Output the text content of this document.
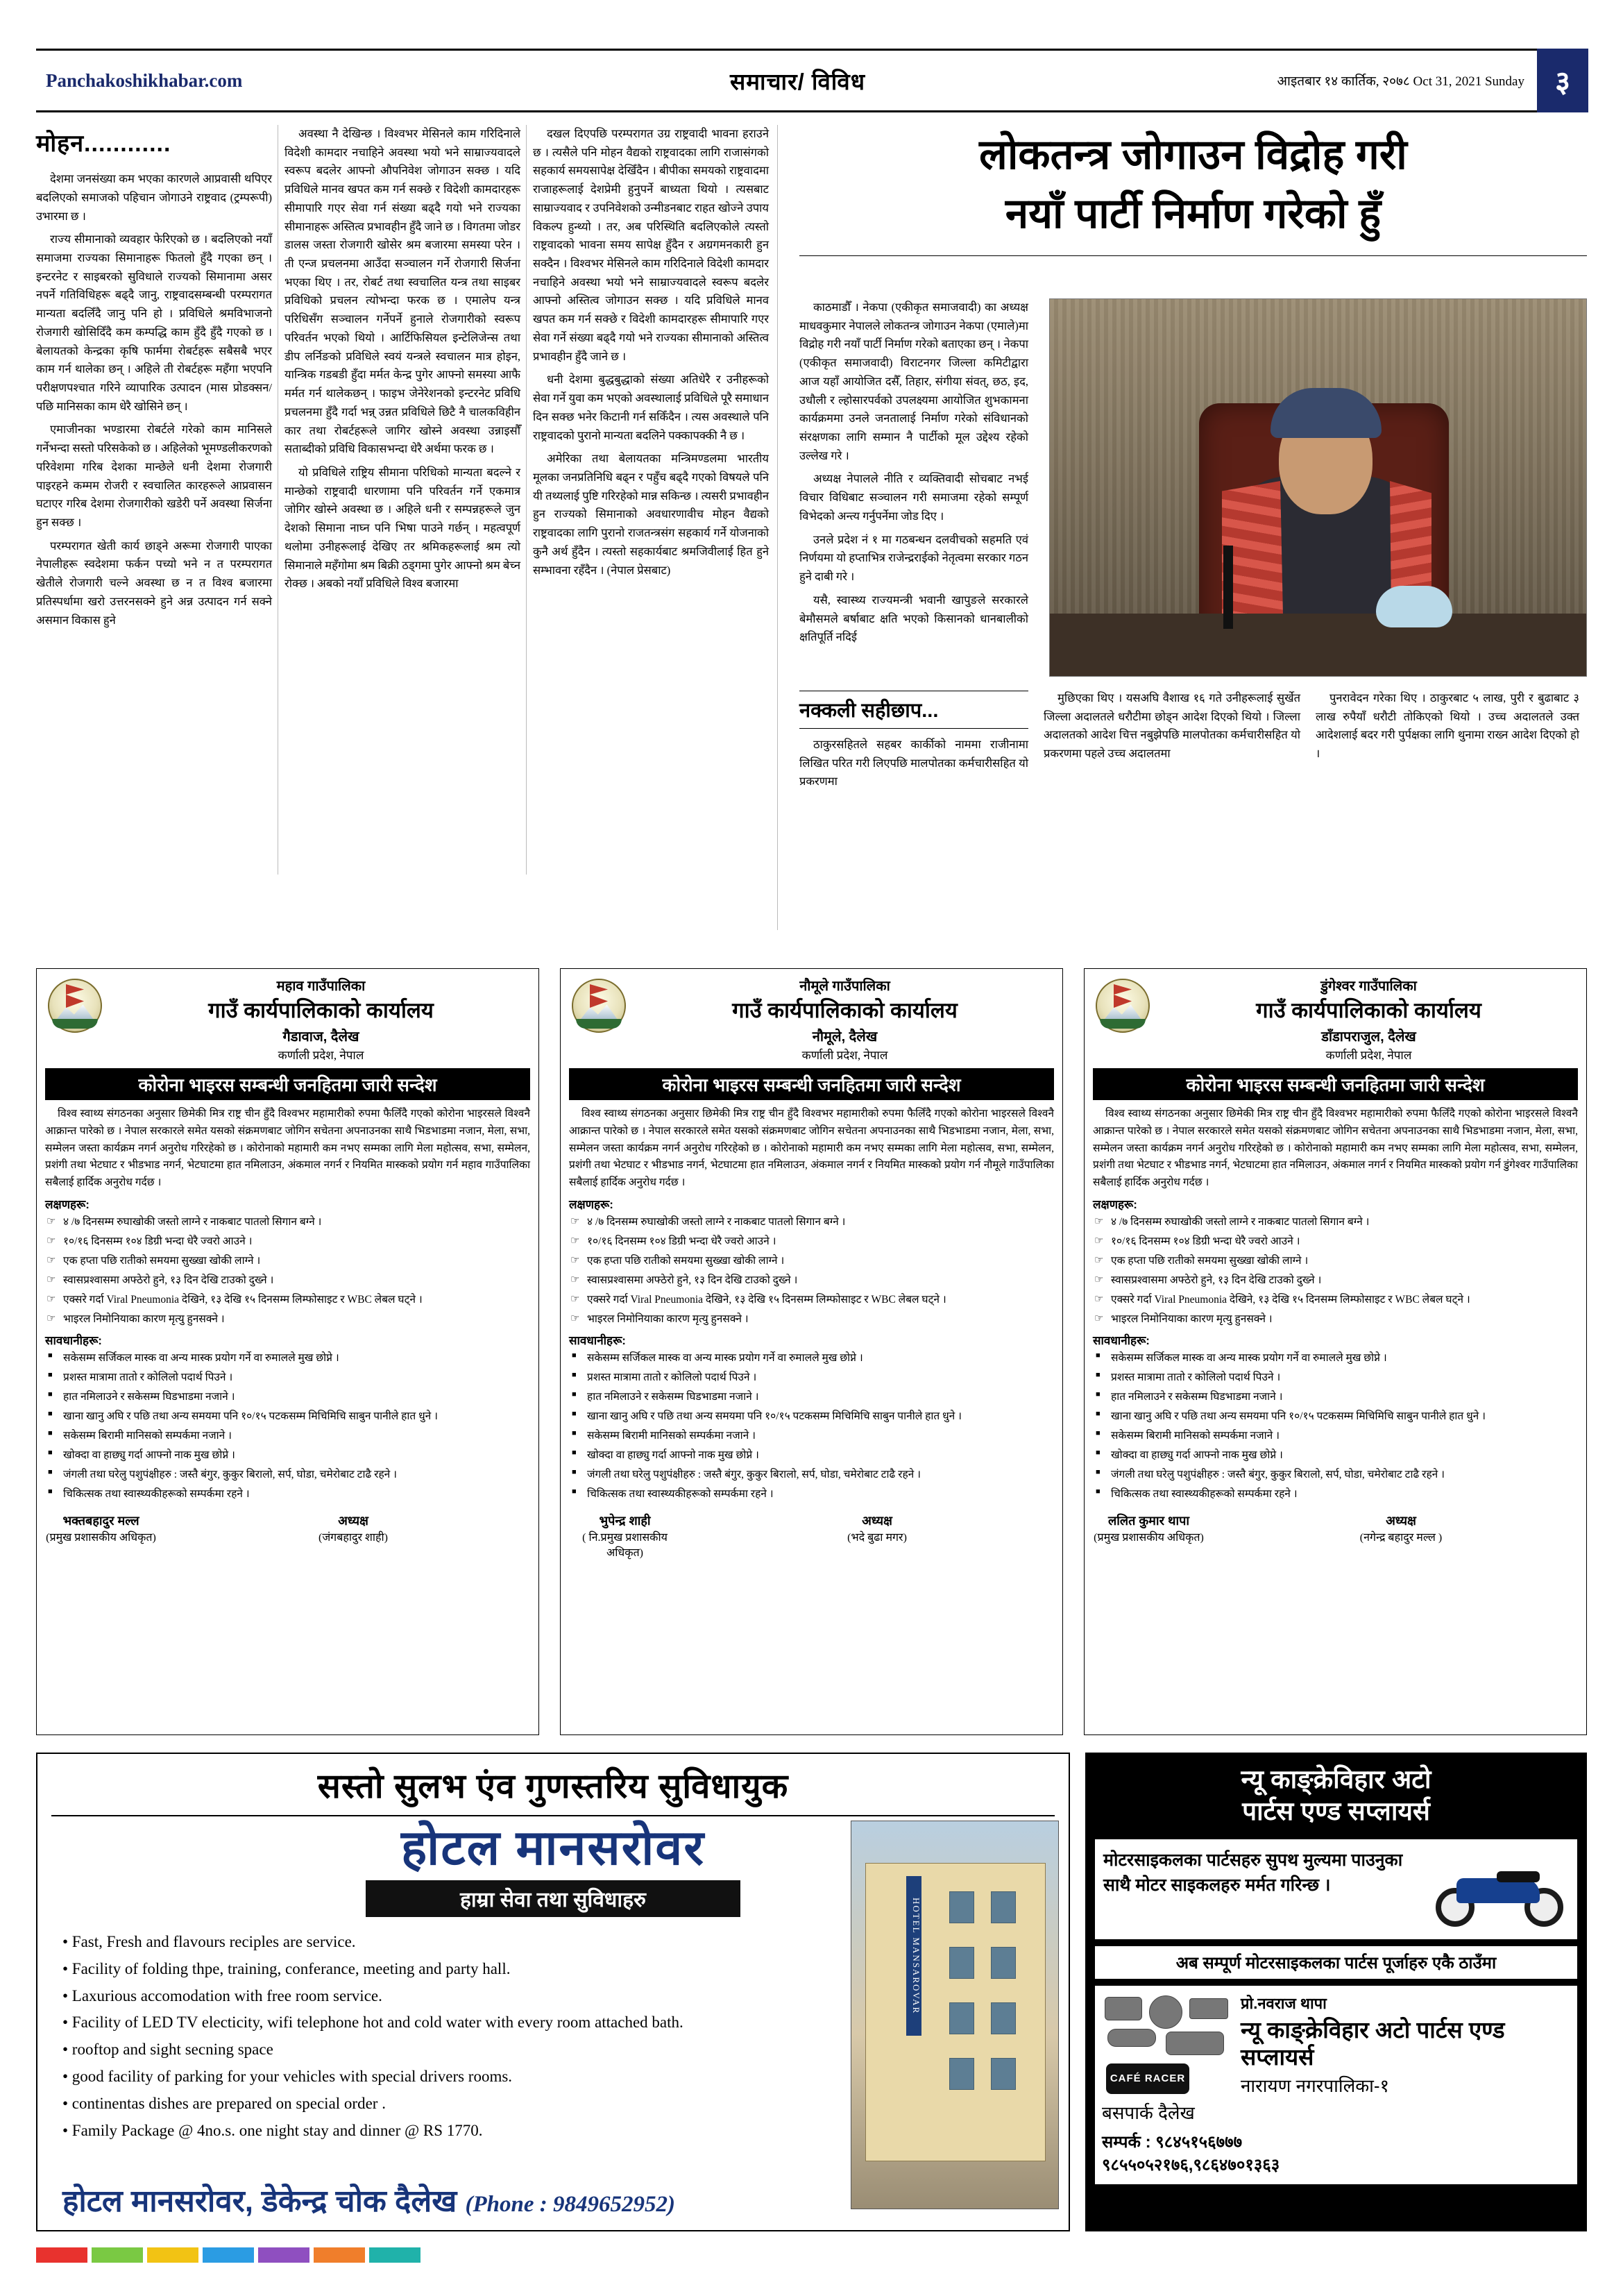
Panchakoshikhabar.com	समाचार/ विविध	आइतबार १४ कार्तिक, २०७८ Oct 31, 2021 Sunday	३
मोहन............

देशमा जनसंख्या कम भएका कारणले आप्रवासी थपिएर बदलिएको समाजको पहिचान जोगाउने राष्ट्रवाद (ट्रम्परूपी) उभारमा छ ।

राज्य सीमानाको व्यवहार फेरिएको छ । बदलिएको नयाँ समाजमा राज्यका सिमानाहरू फितलो हुँदै गएका छन् । इन्टरनेट र साइबरको सुविधाले राज्यको सिमानामा असर नपर्ने गतिविधिहरू बढ्दै जानु, राष्ट्रवादसम्बन्धी परम्परागत मान्यता बदलिँदै जानु पनि हो । प्रविधिले श्रमविभाजनो रोजगारी खोसिदिँदै कम कम्पद्धि काम हुँदै हुँदै गएको छ । बेलायतको केन्द्रका कृषि फार्ममा रोबर्टहरू सबैसबै भएर काम गर्न थालेका छन् । अहिले ती रोबर्टहरू महँगा भएपनि परीक्षणपश्चात गरिने व्यापारिक उत्पादन (मास प्रोडक्सन/पछि मानिसका काम धेरै खोसिने छन् ।

एमाजीनका भण्डारमा रोबर्टले गरेको काम मानिसले गर्नेभन्दा सस्तो परिसकेको छ । अहिलेको भूमण्डलीकरणको परिवेशमा गरिब देशका मान्छेले धनी देशमा रोजगारी पाइरहने कम्मम रोजरी र स्वचालित कारहरूले आप्रवासन घटाएर गरिब देशमा रोजगारीको खडेरी पर्ने अवस्था सिर्जना हुन सक्छ ।

परम्परागत खेती कार्य छाड्ने अरूमा रोजगारी पाएका नेपालीहरू स्वदेशमा फर्कन पच्यो भने न त परम्परागत खेतीले रोजगारी चल्ने अवस्था छ न त विश्व बजारमा प्रतिस्पर्धामा खरो उत्तरनसक्ने हुने अन्न उत्पादन गर्न सक्ने असमान विकास हुने

अवस्था नै देखिन्छ । विश्वभर मेसिनले काम गरिदिनाले विदेशी कामदार नचाहिने अवस्था भयो भने साम्राज्यवादले स्वरूप बदलेर आफ्नो औपनिवेश जोगाउन सक्छ । यदि प्रविधिले मानव खपत कम गर्न सक्छे र विदेशी कामदारहरू सीमापारि गएर सेवा गर्न संख्या बढ्दै गयो भने राज्यका सीमानाहरू अस्तित्व प्रभावहीन हुँदै जाने छ । विगतमा जोडर डालस जस्ता रोजगारी खोसेर श्रम बजारमा समस्या परेन । ती एन्ज प्रचलनमा आउँदा सञ्चालन गर्ने रोजगारी सिर्जना भएका थिए । तर, रोबर्ट तथा स्वचालित यन्त्र तथा साइबर प्रविधिको प्रचलन त्योभन्दा फरक छ । एमालेप यन्त्र परिधिसँग सञ्चालन गर्नेपर्ने हुनाले रोजगारीको स्वरूप परिवर्तन भएको थियो । आर्टिफिसियल इन्टेलिजेन्स तथा डीप लर्निङको प्रविधिले स्वयं यन्त्रले स्वचालन मात्र होइन, यान्त्रिक गडबडी हुँदा मर्मत केन्द्र पुगेर आफ्नो समस्या आफै मर्मत गर्न थालेकछन् । फाइभ जेनेरेशनको इन्टरनेट प्रविधि प्रचलनमा हुँदै गर्दा भन्न् उन्नत प्रविधिले छिटै नै चालकविहीन कार तथा रोबर्टहरूले जागिर खोस्ने अवस्था उन्नाइसौँ सताब्दीको प्रविधि विकासभन्दा धेरै अर्थमा फरक छ ।

यो प्रविधिले राष्ट्रिय सीमाना परिधिको मान्यता बदल्ने र मान्छेको राष्ट्रवादी धारणामा पनि परिवर्तन गर्ने एकमात्र जोगिर खोस्ने अवस्था छ । अहिले धनी र सम्पन्नहरूले जुन देशको सिमाना नाघ्न पनि भिषा पाउने गर्छन् । महत्वपूर्ण थलोमा उनीहरूलाई देखिए तर श्रमिकहरूलाई श्रम त्यो सिमानाले महँगोमा श्रम बिक्री ठड्गमा पुगेर आफ्नो श्रम बेच्न रोक्छ । अबको नयाँ प्रविधिले विश्व बजारमा

दखल दिएपछि परम्परागत उग्र राष्ट्रवादी भावना हराउने छ । त्यसैले पनि मोहन वैद्यको राष्ट्रवादका लागि राजासंगको सहकार्य समयसापेक्ष देखिँदैन । बीपीका समयको राष्ट्रवादमा राजाहरूलाई देशप्रेमी हुनुपर्ने बाध्यता थियो । त्यसबाट साम्राज्यवाद र उपनिवेशको उन्मीडनबाट राहत खोज्ने उपाय विकल्प हुन्थ्यो । तर, अब परिस्थिति बदलिएकोले त्यस्तो राष्ट्रवादको भावना समय सापेक्ष हुँदैन र अग्रगमनकारी हुन सक्दैन । विश्वभर मेसिनले काम गरिदिनाले विदेशी कामदार नचाहिने अवस्था भयो भने साम्राज्यवादले स्वरूप बदलेर आफ्नो अस्तित्व जोगाउन सक्छ । यदि प्रविधिले मानव खपत कम गर्न सक्छे र विदेशी कामदारहरू सीमापारि गएर सेवा गर्ने संख्या बढ्दै गयो भने राज्यका सीमानाको अस्तित्व प्रभावहीन हुँदै जाने छ ।

धनी देशमा बुद्धबुद्धाको संख्या अतिधेरै र उनीहरूको सेवा गर्ने युवा कम भएको अवस्थालाई प्रविधिले पूरै समाधान दिन सक्छ भनेर किटानी गर्न सकिँदैन । त्यस अवस्थाले पनि राष्ट्रवादको पुरानो मान्यता बदलिने पक्कापक्की नै छ ।

अमेरिका तथा बेलायतका मन्त्रिमण्डलमा भारतीय मूलका जनप्रतिनिधि बढ्न र पहुँच बढ्दै गएको विषयले पनि यी तथ्यलाई पुष्टि गरिरहेको मान्न सकिन्छ । त्यसरी प्रभावहीन हुन राज्यको सिमानाको अवधारणावीच मोहन वैद्यको राष्ट्रवादका लागि पुरानो राजतन्त्रसंग सहकार्य गर्ने योजनाको कुनै अर्थ हुँदैन । त्यस्तो सहकार्यबाट श्रमजिवीलाई हित हुने सम्भावना रहँदैन । (नेपाल प्रेसबाट)

लोकतन्त्र जोगाउन विद्रोह गरी
नयाँ पार्टी निर्माण गरेको हुँ

काठमाडौँ । नेकपा (एकीकृत समाजवादी) का अध्यक्ष माधवकुमार नेपालले लोकतन्त्र जोगाउन नेकपा (एमाले)मा विद्रोह गरी नयाँ पार्टी निर्माण गरेको बताएका छन् । नेकपा (एकीकृत समाजवादी) विराटनगर जिल्ला कमिटीद्वारा आज यहाँ आयोजित दसैँ, तिहार, संगीया संवत्, छठ, इद, उधौली र ल्होसारपर्वको उपलक्ष्यमा आयोजित शुभकामना कार्यक्रममा उनले जनतालाई निर्माण गरेको संविधानको संरक्षणका लागि सम्मान नै पार्टीको मूल उद्देश्य रहेको उल्लेख गरे ।

अध्यक्ष नेपालले नीति र व्यक्तिवादी सोचबाट नभई विचार विधिबाट सञ्चालन गरी समाजमा रहेको सम्पूर्ण विभेदको अन्त्य गर्नुपर्नेमा जोड दिए ।

उनले प्रदेश नं १ मा गठबन्धन दलवीचको सहमति एवं निर्णयमा यो हप्ताभित्र राजेन्द्रराईको नेतृत्वमा सरकार गठन हुने दाबी गरे ।

यसै, स्वास्थ्य राज्यमन्त्री भवानी खापुङले सरकारले बेमौसमले बर्षाबाट क्षति भएको किसानको धानबालीको क्षतिपूर्ति नदिई

नक्कली सहीछाप...

ठाकुरसहितले सहबर कार्कीको नाममा राजीनामा लिखित परित गरी लिएपछि मालपोतका कर्मचारीसहित यो प्रकरणमा

मुछिएका थिए । यसअघि वैशाख १६ गते उनीहरूलाई सुर्खेत जिल्ला अदालतले धरौटीमा छोड्न आदेश दिएको थियो । जिल्ला अदालतको आदेश चित्त नबुझेपछि मालपोतका कर्मचारीसहित यो प्रकरणमा पहले उच्च अदालतमा

पुनरावेदन गरेका थिए । ठाकुरबाट ५ लाख, पुरी र बुढाबाट ३ लाख रुपैयाँ धरौटी तोकिएको थियो । उच्च अदालतले उक्त आदेशलाई बदर गरी पुर्पक्षका लागि थुनामा राख्न आदेश दिएको हो ।

महाव गाउँपालिका
गाउँ कार्यपालिकाको कार्यालय
गैडावाज, दैलेख
कर्णाली प्रदेश, नेपाल
कोरोना भाइरस सम्बन्धी जनहितमा जारी सन्देश

विश्व स्वाथ्य संगठनका अनुसार छिमेकी मित्र राष्ट्र चीन हुँदै विश्वभर महामारीको रुपमा फैलिँदै गएको कोरोना भाइरसले विश्वनै आक्रान्त पारेको छ । नेपाल सरकारले समेत यसको संक्रमणबाट जोगिन सचेतना अपनाउनका साथै भिडभाडमा नजान, मेला, सभा, सम्मेलन जस्ता कार्यक्रम नगर्न अनुरोध गरिरहेको छ । कोरोनाको महामारी कम नभए सम्मका लागि मेला महोत्सव, सभा, सम्मेलन, प्रशंगी तथा भेटघाट र भीडभाड नगर्न, भेटघाटमा हात नमिलाउन, अंकमाल नगर्न र नियमित मास्कको प्रयोग गर्न महाव गाउँपालिका सबैलाई हार्दिक अनुरोध गर्दछ ।

लक्षणहरू:
☞ ४ /७ दिनसम्म रुघाखोकी जस्तो लाग्ने र नाकबाट पातलो सिगान बग्ने ।
☞ १०/१६ दिनसम्म १०४ डिग्री भन्दा धेरै ज्वरो आउने ।
☞ एक हप्ता पछि रातीको समयमा सुख्खा खोकी लाग्ने ।
☞ स्वासप्रश्वासमा अफ्ठेरो हुने, १३ दिन देखि टाउको दुख्ने ।
☞ एक्सरे गर्दा Viral Pneumonia देखिने, १३ देखि १५ दिनसम्म लिम्फोसाइट र WBC लेबल घट्ने ।
☞ भाइरल निमोनियाका कारण मृत्यु हुनसक्ने ।
सावधानीहरू:
■ सकेसम्म सर्जिकल मास्क वा अन्य मास्क प्रयोग गर्ने वा रुमालले मुख छोप्ने ।
■ प्रशस्त मात्रामा तातो र कोलिलो पदार्थ पिउने ।
■ हात नमिलाउने र सकेसम्म घिडभाडमा नजाने ।
■ खाना खानु अघि र पछि तथा अन्य समयमा पनि १०/१५ पटकसम्म मिचिमिचि साबुन पानीले हात धुने ।
■ सकेसम्म बिरामी मानिसको सम्पर्कमा नजाने ।
■ खोक्दा वा हाछ्यु गर्दा आफ्नो नाक मुख छोप्ने ।
■ जंगली तथा घरेलु पशुपंक्षीहरु : जस्तै बंगुर, कुकुर बिरालो, सर्प, घोडा, चमेरोबाट टाढै रहने ।
■ चिकित्सक तथा स्वास्थ्यकीहरूको सम्पर्कमा रहने ।
भक्तबहादुर मल्ल
(प्रमुख प्रशासकीय अधिकृत)
अध्यक्ष
(जंगबहादुर शाही)
नौमूले गाउँपालिका
गाउँ कार्यपालिकाको कार्यालय
नौमूले, दैलेख
कर्णाली प्रदेश, नेपाल
कोरोना भाइरस सम्बन्धी जनहितमा जारी सन्देश

विश्व स्वाथ्य संगठनका अनुसार छिमेकी मित्र राष्ट्र चीन हुँदै विश्वभर महामारीको रुपमा फैलिँदै गएको कोरोना भाइरसले विश्वनै आक्रान्त पारेको छ । नेपाल सरकारले समेत यसको संक्रमणबाट जोगिन सचेतना अपनाउनका साथै भिडभाडमा नजान, मेला, सभा, सम्मेलन जस्ता कार्यक्रम नगर्न अनुरोध गरिरहेको छ । कोरोनाको महामारी कम नभए सम्मका लागि मेला महोत्सव, सभा, सम्मेलन, प्रशंगी तथा भेटघाट र भीडभाड नगर्न, भेटघाटमा हात नमिलाउन, अंकमाल नगर्न र नियमित मास्कको प्रयोग गर्न नौमूले गाउँपालिका सबैलाई हार्दिक अनुरोध गर्दछ ।

लक्षणहरू:
☞ ४ /७ दिनसम्म रुघाखोकी जस्तो लाग्ने र नाकबाट पातलो सिगान बग्ने ।
☞ १०/१६ दिनसम्म १०४ डिग्री भन्दा धेरै ज्वरो आउने ।
☞ एक हप्ता पछि रातीको समयमा सुख्खा खोकी लाग्ने ।
☞ स्वासप्रश्वासमा अफ्ठेरो हुने, १३ दिन देखि टाउको दुख्ने ।
☞ एक्सरे गर्दा Viral Pneumonia देखिने, १३ देखि १५ दिनसम्म लिम्फोसाइट र WBC लेबल घट्ने ।
☞ भाइरल निमोनियाका कारण मृत्यु हुनसक्ने ।
सावधानीहरू:
■ सकेसम्म सर्जिकल मास्क वा अन्य मास्क प्रयोग गर्ने वा रुमालले मुख छोप्ने ।
■ प्रशस्त मात्रामा तातो र कोलिलो पदार्थ पिउने ।
■ हात नमिलाउने र सकेसम्म घिडभाडमा नजाने ।
■ खाना खानु अघि र पछि तथा अन्य समयमा पनि १०/१५ पटकसम्म मिचिमिचि साबुन पानीले हात धुने ।
■ सकेसम्म बिरामी मानिसको सम्पर्कमा नजाने ।
■ खोक्दा वा हाछ्यु गर्दा आफ्नो नाक मुख छोप्ने ।
■ जंगली तथा घरेलु पशुपंक्षीहरु : जस्तै बंगुर, कुकुर बिरालो, सर्प, घोडा, चमेरोबाट टाढै रहने ।
■ चिकित्सक तथा स्वास्थ्यकीहरूको सम्पर्कमा रहने ।
भुपेन्द्र शाही
( नि.प्रमुख प्रशासकीय अधिकृत)
अध्यक्ष
(भदे बुढा मगर)
डुंगेश्वर गाउँपालिका
गाउँ कार्यपालिकाको कार्यालय
डाँडापराजुल, दैलेख
कर्णाली प्रदेश, नेपाल
कोरोना भाइरस सम्बन्धी जनहितमा जारी सन्देश

विश्व स्वाथ्य संगठनका अनुसार छिमेकी मित्र राष्ट्र चीन हुँदै विश्वभर महामारीको रुपमा फैलिँदै गएको कोरोना भाइरसले विश्वनै आक्रान्त पारेको छ । नेपाल सरकारले समेत यसको संक्रमणबाट जोगिन सचेतना अपनाउनका साथै भिडभाडमा नजान, मेला, सभा, सम्मेलन जस्ता कार्यक्रम नगर्न अनुरोध गरिरहेको छ । कोरोनाको महामारी कम नभए सम्मका लागि मेला महोत्सव, सभा, सम्मेलन, प्रशंगी तथा भेटघाट र भीडभाड नगर्न, भेटघाटमा हात नमिलाउन, अंकमाल नगर्न र नियमित मास्कको प्रयोग गर्न डुंगेश्वर गाउँपालिका सबैलाई हार्दिक अनुरोध गर्दछ ।

लक्षणहरू:
☞ ४ /७ दिनसम्म रुघाखोकी जस्तो लाग्ने र नाकबाट पातलो सिगान बग्ने ।
☞ १०/१६ दिनसम्म १०४ डिग्री भन्दा धेरै ज्वरो आउने ।
☞ एक हप्ता पछि रातीको समयमा सुख्खा खोकी लाग्ने ।
☞ स्वासप्रश्वासमा अफ्ठेरो हुने, १३ दिन देखि टाउको दुख्ने ।
☞ एक्सरे गर्दा Viral Pneumonia देखिने, १३ देखि १५ दिनसम्म लिम्फोसाइट र WBC लेबल घट्ने ।
☞ भाइरल निमोनियाका कारण मृत्यु हुनसक्ने ।
सावधानीहरू:
■ सकेसम्म सर्जिकल मास्क वा अन्य मास्क प्रयोग गर्ने वा रुमालले मुख छोप्ने ।
■ प्रशस्त मात्रामा तातो र कोलिलो पदार्थ पिउने ।
■ हात नमिलाउने र सकेसम्म घिडभाडमा नजाने ।
■ खाना खानु अघि र पछि तथा अन्य समयमा पनि १०/१५ पटकसम्म मिचिमिचि साबुन पानीले हात धुने ।
■ सकेसम्म बिरामी मानिसको सम्पर्कमा नजाने ।
■ खोक्दा वा हाछ्यु गर्दा आफ्नो नाक मुख छोप्ने ।
■ जंगली तथा घरेलु पशुपंक्षीहरु : जस्तै बंगुर, कुकुर बिरालो, सर्प, घोडा, चमेरोबाट टाढै रहने ।
■ चिकित्सक तथा स्वास्थ्यकीहरूको सम्पर्कमा रहने ।
ललित कुमार थापा
(प्रमुख प्रशासकीय अधिकृत)
अध्यक्ष
(नगेन्द्र बहादुर मल्ल )
सस्तो सुलभ एंव गुणस्तरिय सुविधायुक
होटल मानसरोवर
हाम्रा सेवा तथा सुविधाहरु
• Fast, Fresh and flavours reciples are service.
• Facility of folding thpe, training, conferance, meeting and party hall.
• Laxurious accomodation with free room service.
• Facility of LED TV electicity, wifi telephone hot and cold water with every room attached bath.
• rooftop and sight secning space
• good facility of parking for your vehicles with special drivers rooms.
• continentas dishes are prepared on special order .
• Family Package @ 4no.s. one night stay and dinner @ RS 1770.
होटल मानसरोवर, डेकेन्द्र चोक दैलेख (Phone : 9849652952)
HOTEL MANSAROVAR
न्यू काङ्क्रेविहार अटो
पार्टस एण्ड सप्लायर्स
मोटरसाइकलका पार्टसहरु सुपथ मुल्यमा पाउनुका साथै मोटर साइकलहरु मर्मत गरिन्छ ।
अब सम्पूर्ण मोटरसाइकलका पार्टस पूर्जाहरु एकै ठाउँमा
CAFÉ RACER
प्रो.नवराज थापा
न्यू काङ्क्रेविहार अटो पार्टस एण्ड सप्लायर्स
नारायण नगरपालिका-१
बसपार्क दैलेख
सम्पर्क : ९८४५१५६७७७
९८५५०५२१७६,९८६४७०१३६३
